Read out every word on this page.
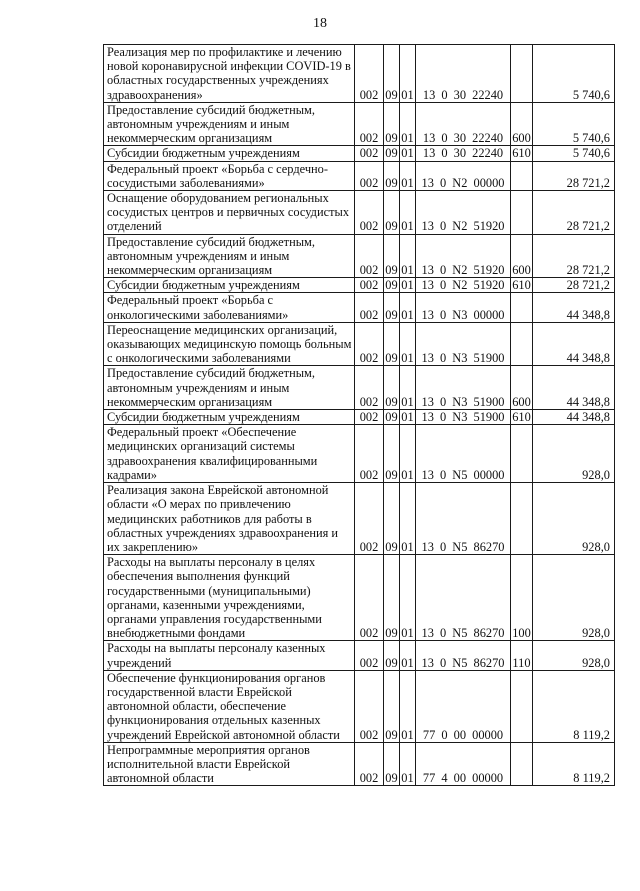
18
Реализация мер по профилактике и лечению новой коронавирусной инфекции COVID-19 в областных государственных учреждениях здравоохранения»	002	09	01	13 0 30 22240		5 740,6
Предоставление субсидий бюджетным, автономным учреждениям и иным некоммерческим организациям	002	09	01	13 0 30 22240	600	5 740,6
Субсидии бюджетным учреждениям	002	09	01	13 0 30 22240	610	5 740,6
Федеральный проект «Борьба с сердечно-сосудистыми заболеваниями»	002	09	01	13 0 N2 00000		28 721,2
Оснащение оборудованием региональных сосудистых центров и первичных сосудистых отделений	002	09	01	13 0 N2 51920		28 721,2
Предоставление субсидий бюджетным, автономным учреждениям и иным некоммерческим организациям	002	09	01	13 0 N2 51920	600	28 721,2
Субсидии бюджетным учреждениям	002	09	01	13 0 N2 51920	610	28 721,2
Федеральный проект «Борьба с онкологическими заболеваниями»	002	09	01	13 0 N3 00000		44 348,8
Переоснащение медицинских организаций, оказывающих медицинскую помощь больным с онкологическими заболеваниями	002	09	01	13 0 N3 51900		44 348,8
Предоставление субсидий бюджетным, автономным учреждениям и иным некоммерческим организациям	002	09	01	13 0 N3 51900	600	44 348,8
Субсидии бюджетным учреждениям	002	09	01	13 0 N3 51900	610	44 348,8
Федеральный проект «Обеспечение медицинских организаций системы здравоохранения квалифицированными кадрами»	002	09	01	13 0 N5 00000		928,0
Реализация закона Еврейской автономной области «О мерах по привлечению медицинских работников для работы в областных учреждениях здравоохранения и их закреплению»	002	09	01	13 0 N5 86270		928,0
Расходы на выплаты персоналу в целях обеспечения выполнения функций государственными (муниципальными) органами, казенными учреждениями, органами управления государственными внебюджетными фондами	002	09	01	13 0 N5 86270	100	928,0
Расходы на выплаты персоналу казенных учреждений	002	09	01	13 0 N5 86270	110	928,0
Обеспечение функционирования органов государственной власти Еврейской автономной области, обеспечение функционирования отдельных казенных учреждений Еврейской автономной области	002	09	01	77 0 00 00000		8 119,2
Непрограммные мероприятия органов исполнительной власти Еврейской автономной области	002	09	01	77 4 00 00000		8 119,2
